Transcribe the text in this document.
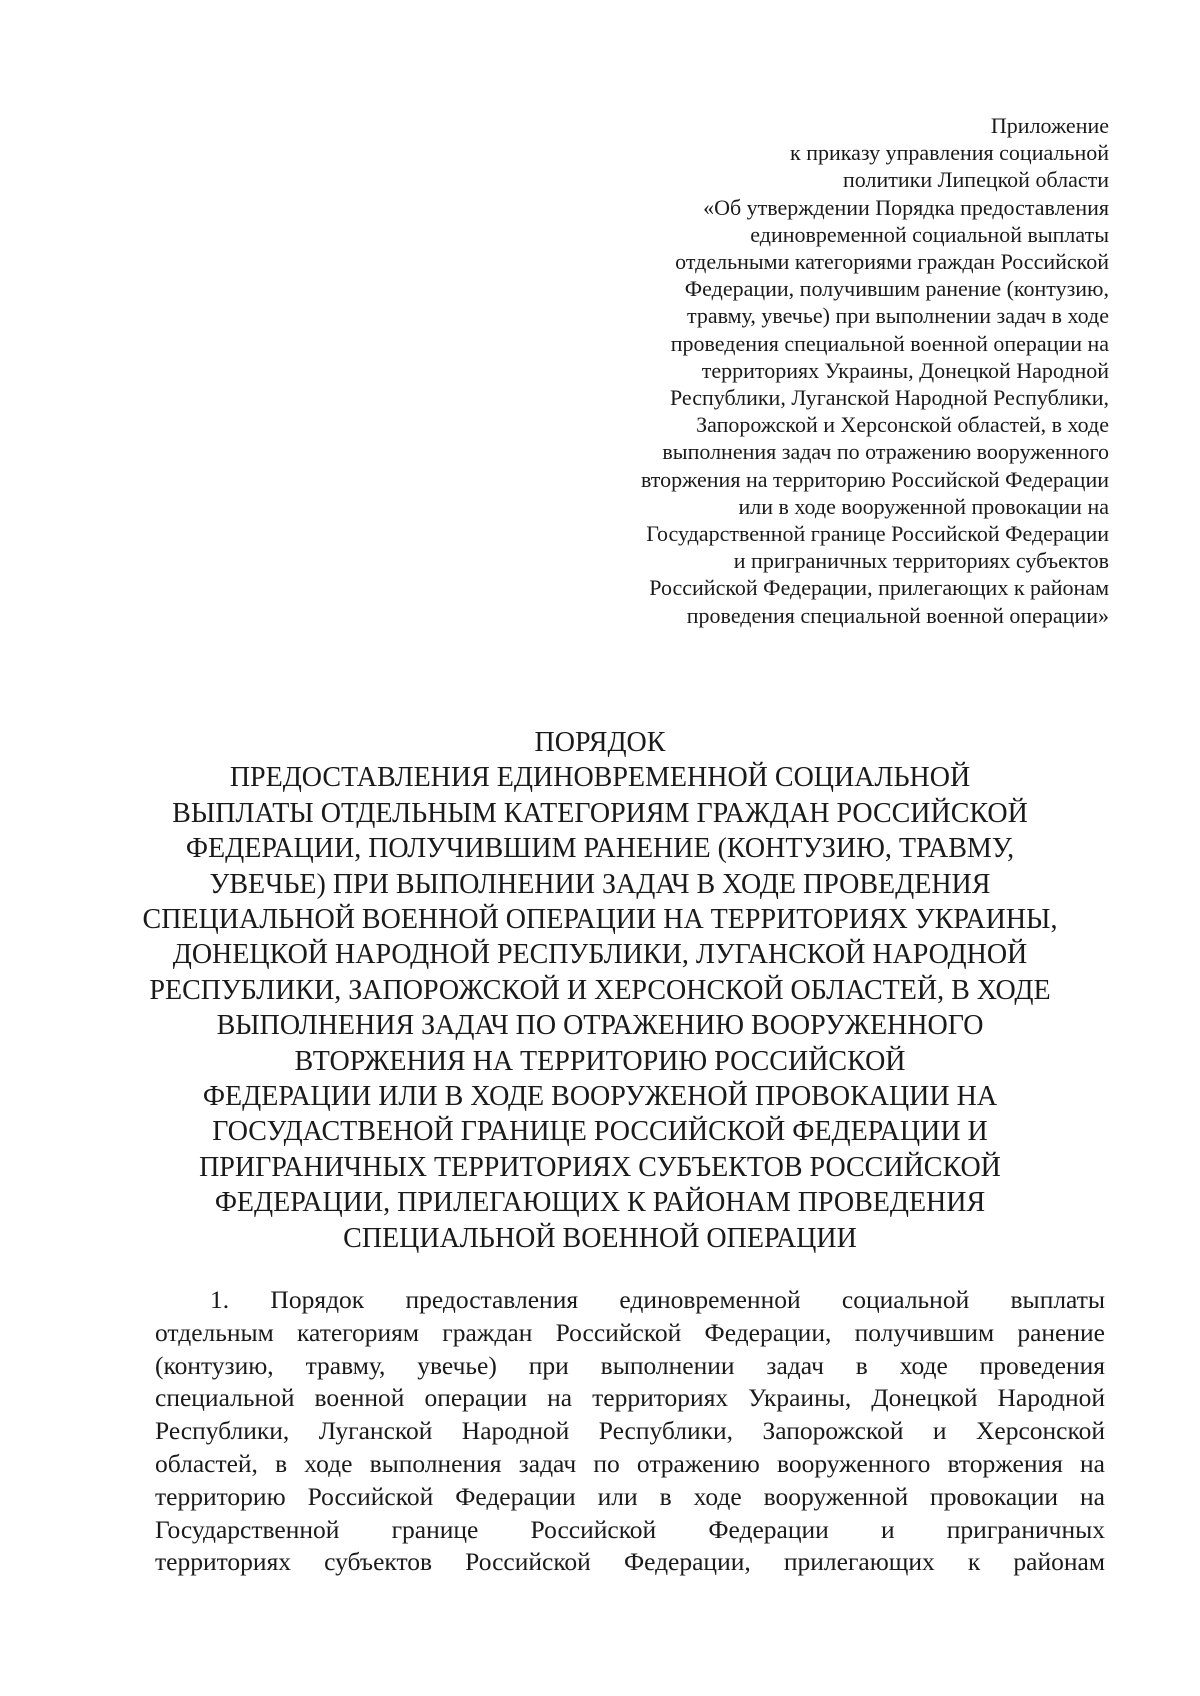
Приложение
к приказу управления социальной
политики Липецкой области
«Об утверждении Порядка предоставления
единовременной социальной выплаты
отдельными категориями граждан Российской
Федерации, получившим ранение (контузию,
травму, увечье) при выполнении задач в ходе
проведения специальной военной операции на
территориях Украины, Донецкой Народной
Республики, Луганской Народной Республики,
Запорожской и Херсонской областей, в ходе
выполнения задач по отражению вооруженного
вторжения на территорию Российской Федерации
или в ходе вооруженной провокации на
Государственной границе Российской Федерации
и приграничных территориях субъектов
Российской Федерации, прилегающих к районам
проведения специальной военной операции»
ПОРЯДОК
ПРЕДОСТАВЛЕНИЯ ЕДИНОВРЕМЕННОЙ СОЦИАЛЬНОЙ
ВЫПЛАТЫ ОТДЕЛЬНЫМ КАТЕГОРИЯМ ГРАЖДАН РОССИЙСКОЙ
ФЕДЕРАЦИИ, ПОЛУЧИВШИМ РАНЕНИЕ (КОНТУЗИЮ, ТРАВМУ,
УВЕЧЬЕ) ПРИ ВЫПОЛНЕНИИ ЗАДАЧ В ХОДЕ ПРОВЕДЕНИЯ
СПЕЦИАЛЬНОЙ ВОЕННОЙ ОПЕРАЦИИ НА ТЕРРИТОРИЯХ УКРАИНЫ,
ДОНЕЦКОЙ НАРОДНОЙ РЕСПУБЛИКИ, ЛУГАНСКОЙ НАРОДНОЙ
РЕСПУБЛИКИ, ЗАПОРОЖСКОЙ И ХЕРСОНСКОЙ ОБЛАСТЕЙ, В ХОДЕ
ВЫПОЛНЕНИЯ ЗАДАЧ ПО ОТРАЖЕНИЮ ВООРУЖЕННОГО
ВТОРЖЕНИЯ НА ТЕРРИТОРИЮ РОССИЙСКОЙ
ФЕДЕРАЦИИ ИЛИ В ХОДЕ ВООРУЖЕНОЙ ПРОВОКАЦИИ НА
ГОСУДАСТВЕНОЙ ГРАНИЦЕ РОССИЙСКОЙ ФЕДЕРАЦИИ И
ПРИГРАНИЧНЫХ ТЕРРИТОРИЯХ СУБЪЕКТОВ РОССИЙСКОЙ
ФЕДЕРАЦИИ, ПРИЛЕГАЮЩИХ К РАЙОНАМ ПРОВЕДЕНИЯ
СПЕЦИАЛЬНОЙ ВОЕННОЙ ОПЕРАЦИИ
1. Порядок предоставления единовременной социальной выплаты
отдельным категориям граждан Российской Федерации, получившим ранение
(контузию, травму, увечье) при выполнении задач в ходе проведения
специальной военной операции на территориях Украины, Донецкой Народной
Республики, Луганской Народной Республики, Запорожской и Херсонской
областей, в ходе выполнения задач по отражению вооруженного вторжения на
территорию Российской Федерации или в ходе вооруженной провокации на
Государственной границе Российской Федерации и приграничных
территориях субъектов Российской Федерации, прилегающих к районам
